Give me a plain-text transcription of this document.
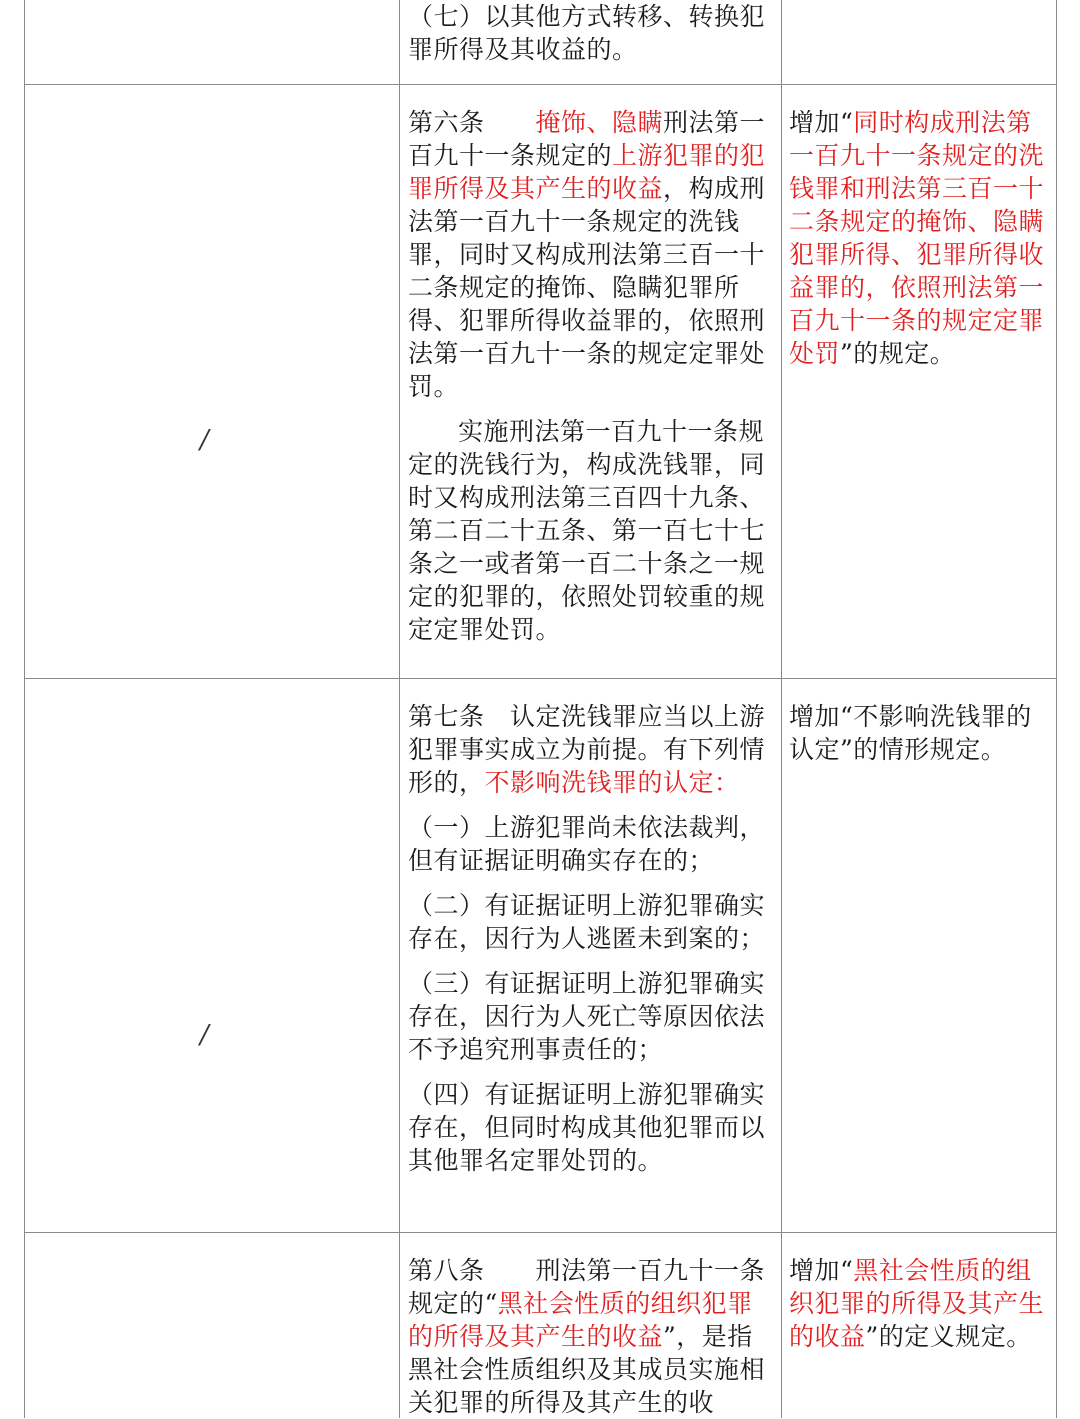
（七）以其他方式转移、转换犯罪所得及其收益的。
/
第六条　　掩饰、隐瞒刑法第一百九十一条规定的上游犯罪的犯罪所得及其产生的收益，构成刑法第一百九十一条规定的洗钱罪，同时又构成刑法第三百一十二条规定的掩饰、隐瞒犯罪所得、犯罪所得收益罪的，依照刑法第一百九十一条的规定定罪处罚。
实施刑法第一百九十一条规定的洗钱行为，构成洗钱罪，同时又构成刑法第三百四十九条、第二百二十五条、第一百七十七条之一或者第一百二十条之一规定的犯罪的，依照处罚较重的规定定罪处罚。
增加“同时构成刑法第一百九十一条规定的洗钱罪和刑法第三百一十二条规定的掩饰、隐瞒犯罪所得、犯罪所得收益罪的，依照刑法第一百九十一条的规定定罪处罚”的规定。
/
第七条　认定洗钱罪应当以上游犯罪事实成立为前提。有下列情形的，不影响洗钱罪的认定：
（一）上游犯罪尚未依法裁判，但有证据证明确实存在的；
（二）有证据证明上游犯罪确实存在，因行为人逃匿未到案的；
（三）有证据证明上游犯罪确实存在，因行为人死亡等原因依法不予追究刑事责任的；
（四）有证据证明上游犯罪确实存在，但同时构成其他犯罪而以其他罪名定罪处罚的。
增加“不影响洗钱罪的认定”的情形规定。
第八条　　刑法第一百九十一条规定的“黑社会性质的组织犯罪的所得及其产生的收益”，是指黑社会性质组织及其成员实施相关犯罪的所得及其产生的收
增加“黑社会性质的组织犯罪的所得及其产生的收益”的定义规定。
